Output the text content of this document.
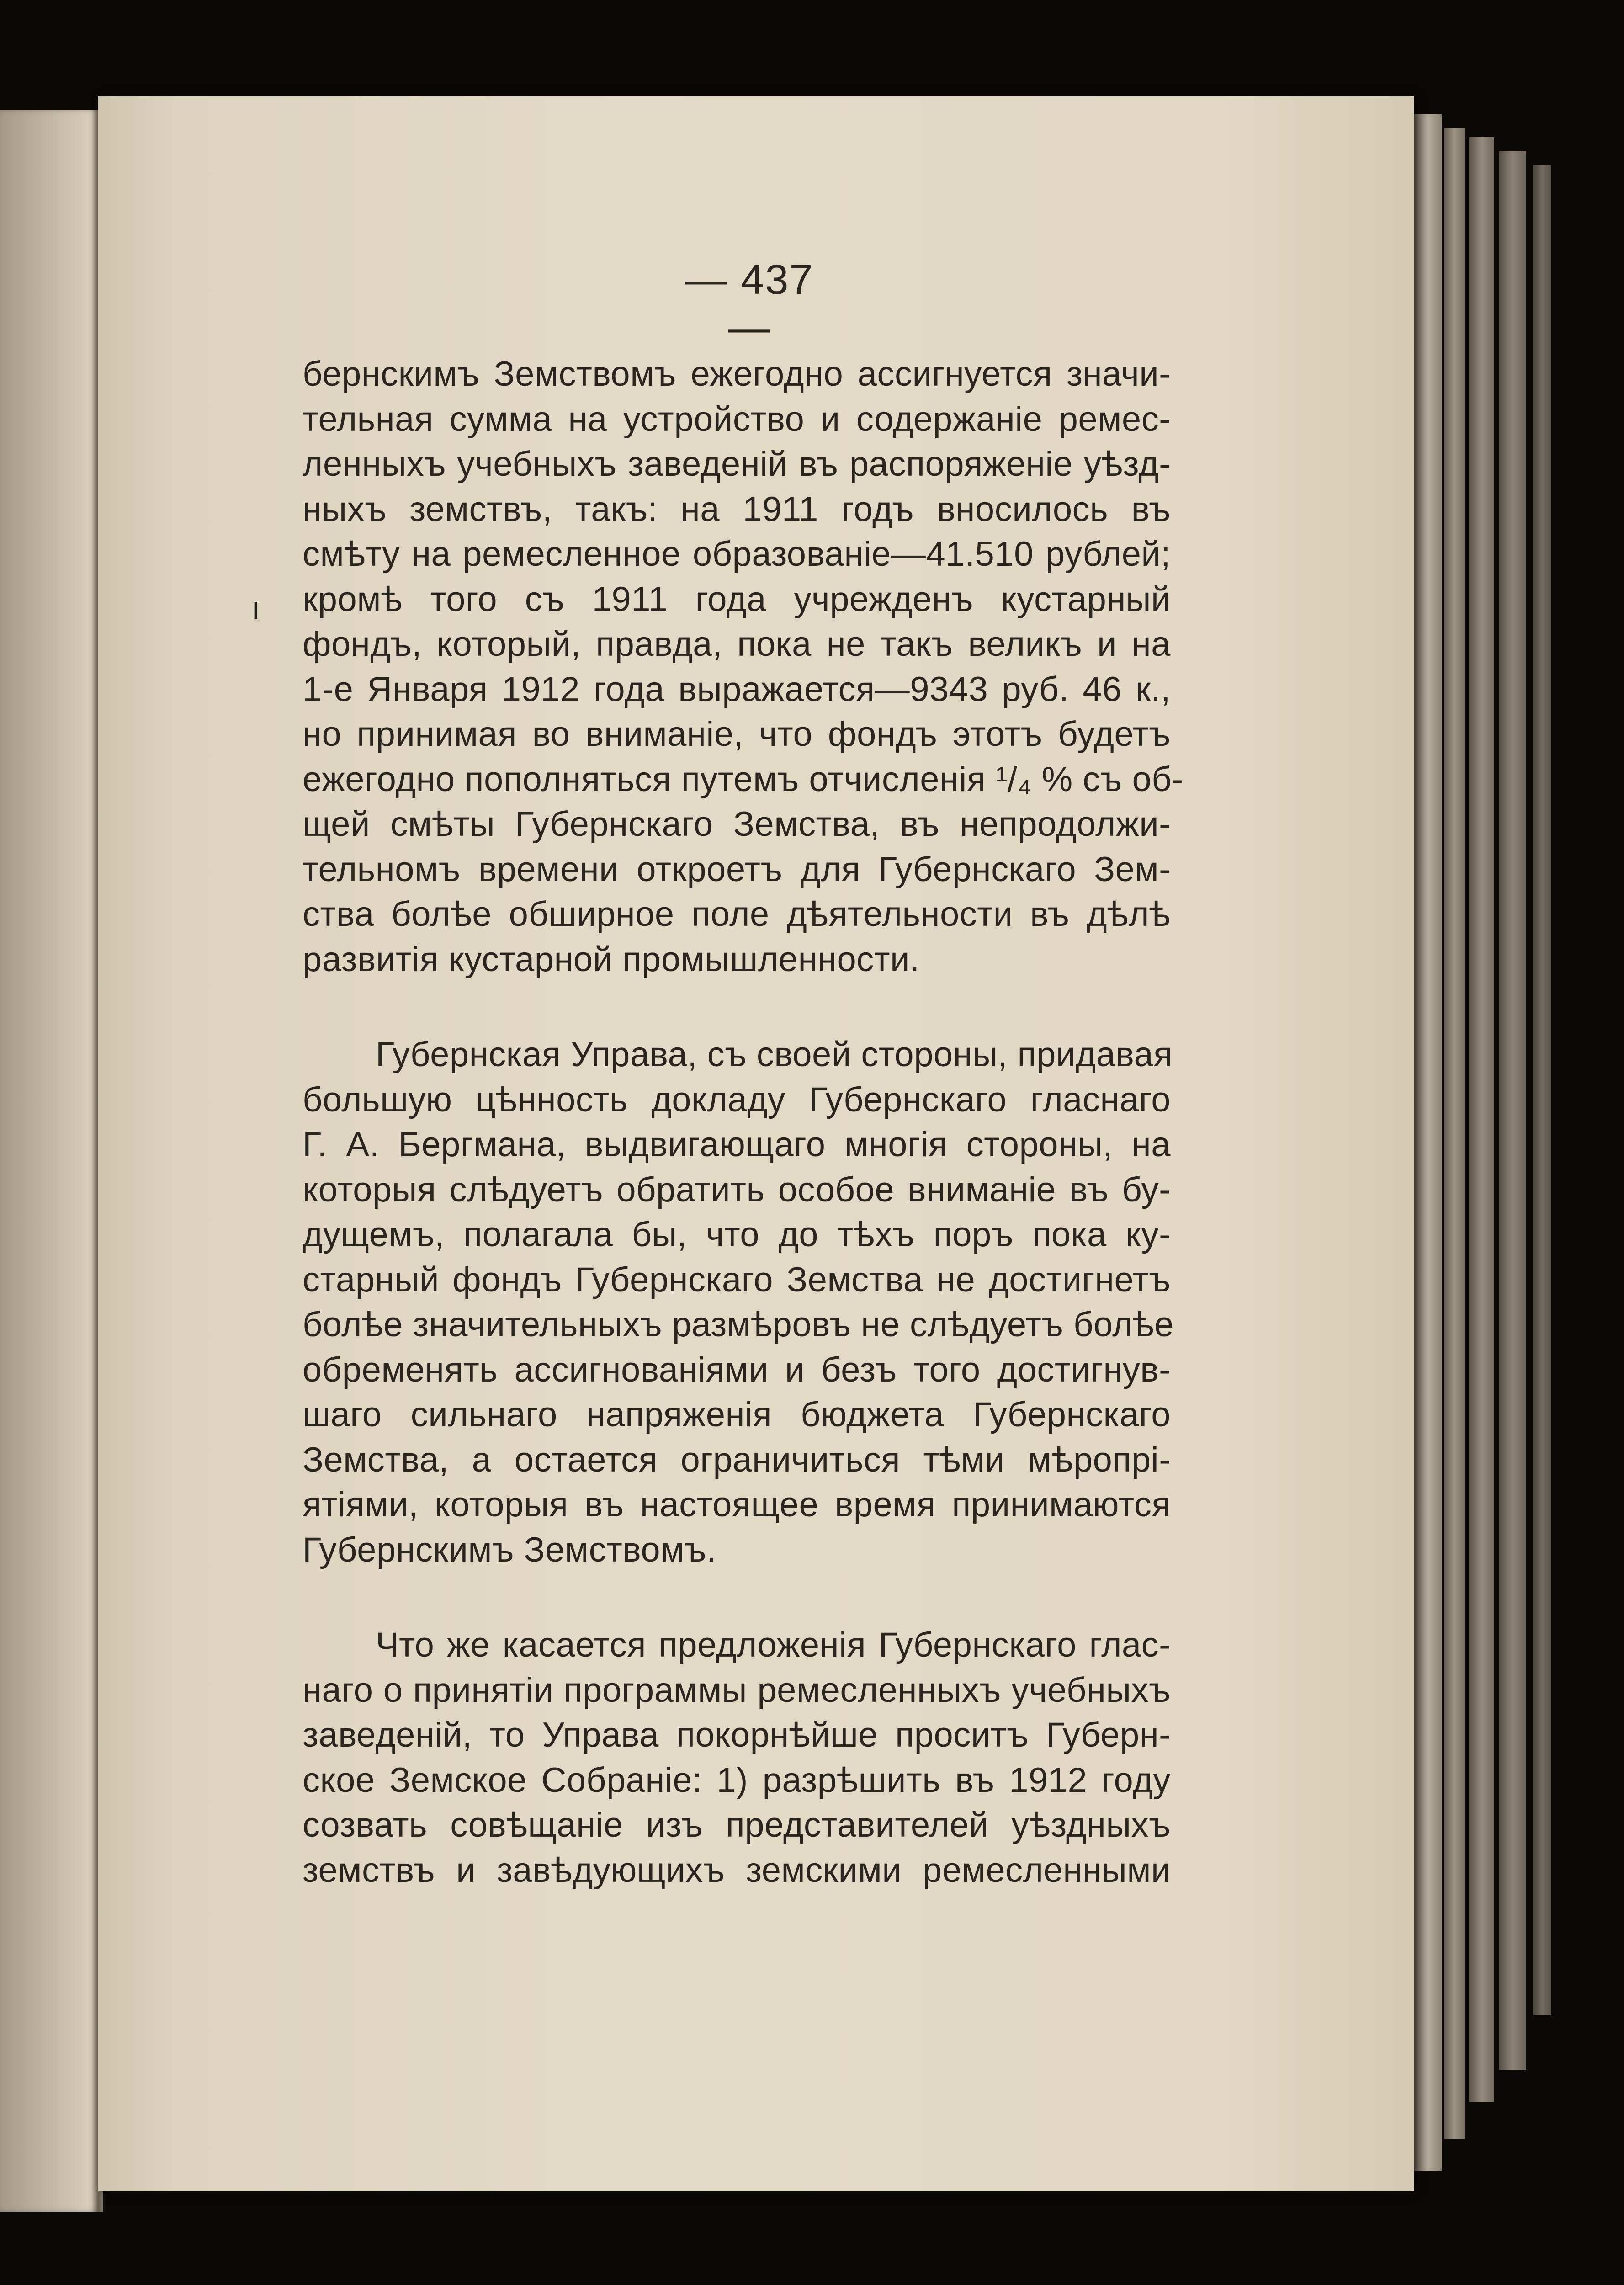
ı
— 437 —
бернскимъ Земствомъ ежегодно ассигнуется значи-
тельная сумма на устройство и содержанiе ремес-
ленныхъ учебныхъ заведенiй въ распоряженiе уѣзд-
ныхъ земствъ, такъ: на 1911 годъ вносилось въ
смѣту на ремесленное образованiе—41.510 рублей;
кромѣ того съ 1911 года учрежденъ кустарный
фондъ, который, правда, пока не такъ великъ и на
1-е Января 1912 года выражается—9343 руб. 46 к.,
но принимая во вниманiе, что фондъ этотъ будетъ
ежегодно пополняться путемъ отчисленiя ¹/₄ % съ об-
щей смѣты Губернскаго Земства, въ непродолжи-
тельномъ времени откроетъ для Губернскаго Зем-
ства болѣе обширное поле дѣятельности въ дѣлѣ
развитiя кустарной промышленности.
Губернская Управа, съ своей стороны, придавая
большую цѣнность докладу Губернскаго гласнаго
Г. А. Бергмана, выдвигающаго многiя стороны, на
которыя слѣдуетъ обратить особое вниманiе въ бу-
дущемъ, полагала бы, что до тѣхъ поръ пока ку-
старный фондъ Губернскаго Земства не достигнетъ
болѣе значительныхъ размѣровъ не слѣдуетъ болѣе
обременять ассигнованiями и безъ того достигнув-
шаго сильнаго напряженiя бюджета Губернскаго
Земства, а остается ограничиться тѣми мѣропрi-
ятiями, которыя въ настоящее время принимаются
Губернскимъ Земствомъ.
Что же касается предложенiя Губернскаго глас-
наго о принятiи программы ремесленныхъ учебныхъ
заведенiй, то Управа покорнѣйше проситъ Губерн-
ское Земское Собранiе: 1) разрѣшить въ 1912 году
созвать совѣщанiе изъ представителей уѣздныхъ
земствъ и завѣдующихъ земскими ремесленными
